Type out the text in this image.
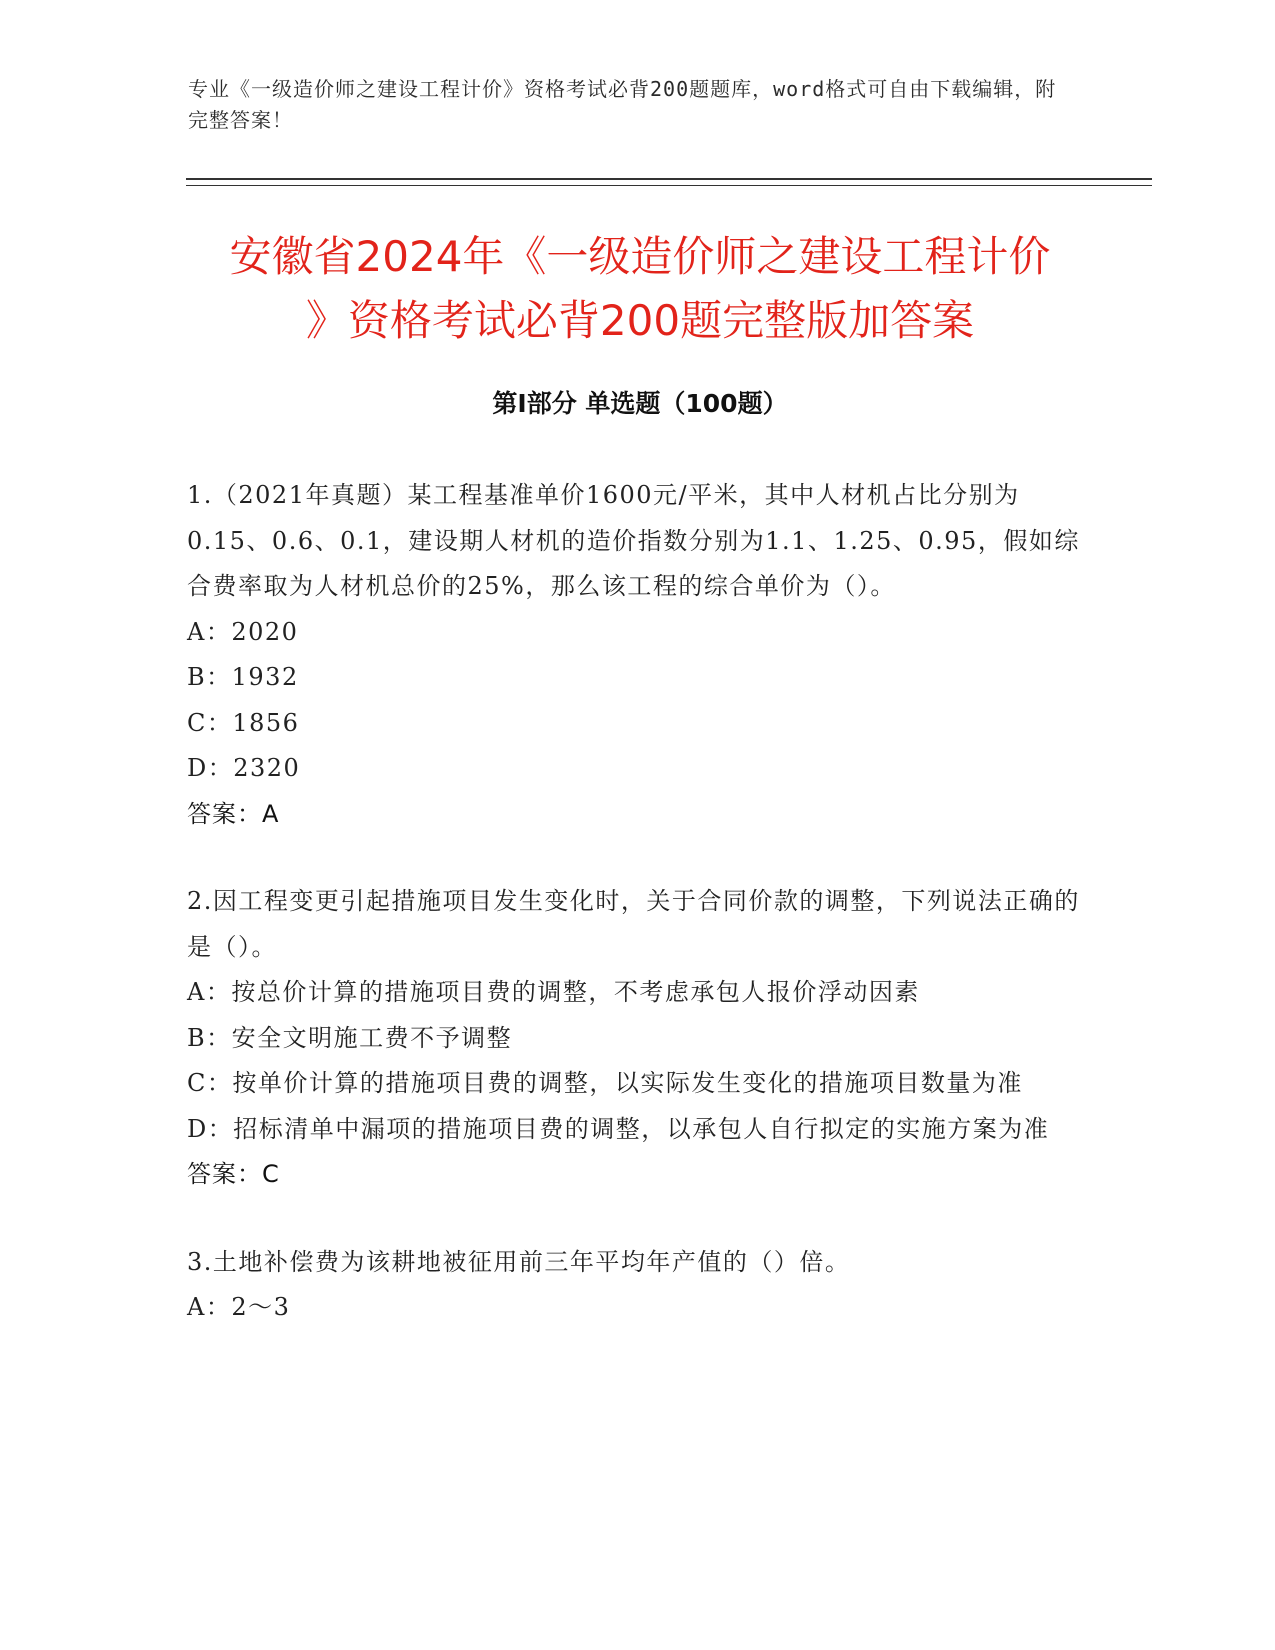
专业《一级造价师之建设工程计价》资格考试必背200题题库，word格式可自由下载编辑，附完整答案！
安徽省2024年《一级造价师之建设工程计价
》资格考试必背200题完整版加答案
第Ⅰ部分 单选题（100题）
1.（2021年真题）某工程基准单价1600元/平米，其中人材机占比分别为0.15、0.6、0.1，建设期人材机的造价指数分别为1.1、1.25、0.95，假如综合费率取为人材机总价的25%，那么该工程的综合单价为（）。
A：2020
B：1932
C：1856
D：2320
答案：A
2.因工程变更引起措施项目发生变化时，关于合同价款的调整，下列说法正确的是（）。
A：按总价计算的措施项目费的调整，不考虑承包人报价浮动因素
B：安全文明施工费不予调整
C：按单价计算的措施项目费的调整，以实际发生变化的措施项目数量为准
D：招标清单中漏项的措施项目费的调整，以承包人自行拟定的实施方案为准
答案：C
3.土地补偿费为该耕地被征用前三年平均年产值的（）倍。
A：2～3
